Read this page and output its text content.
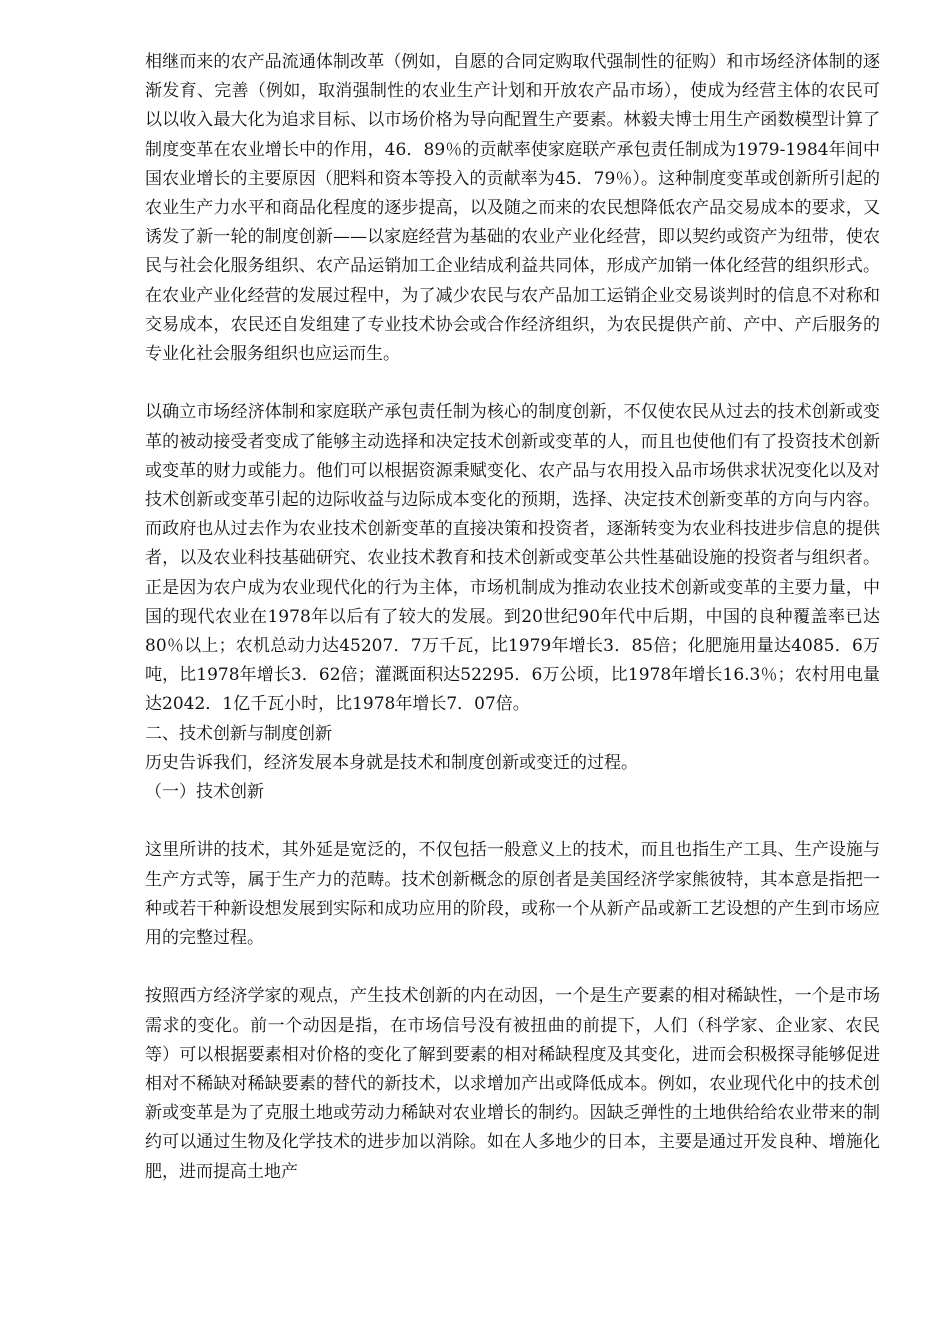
相继而来的农产品流通体制改革（例如，自愿的合同定购取代强制性的征购）和市场经济体制的逐渐发育、完善（例如，取消强制性的农业生产计划和开放农产品市场），使成为经营主体的农民可以以收入最大化为追求目标、以市场价格为导向配置生产要素。林毅夫博士用生产函数模型计算了制度变革在农业增长中的作用，46．89％的贡献率使家庭联产承包责任制成为1979-1984年间中国农业增长的主要原因（肥料和资本等投入的贡献率为45．79％）。这种制度变革或创新所引起的农业生产力水平和商品化程度的逐步提高，以及随之而来的农民想降低农产品交易成本的要求，又诱发了新一轮的制度创新——以家庭经营为基础的农业产业化经营，即以契约或资产为纽带，使农民与社会化服务组织、农产品运销加工企业结成利益共同体，形成产加销一体化经营的组织形式。在农业产业化经营的发展过程中，为了减少农民与农产品加工运销企业交易谈判时的信息不对称和交易成本，农民还自发组建了专业技术协会或合作经济组织，为农民提供产前、产中、产后服务的专业化社会服务组织也应运而生。

以确立市场经济体制和家庭联产承包责任制为核心的制度创新，不仅使农民从过去的技术创新或变革的被动接受者变成了能够主动选择和决定技术创新或变革的人，而且也使他们有了投资技术创新或变革的财力或能力。他们可以根据资源秉赋变化、农产品与农用投入品市场供求状况变化以及对技术创新或变革引起的边际收益与边际成本变化的预期，选择、决定技术创新变革的方向与内容。而政府也从过去作为农业技术创新变革的直接决策和投资者，逐渐转变为农业科技进步信息的提供者，以及农业科技基础研究、农业技术教育和技术创新或变革公共性基础设施的投资者与组织者。正是因为农户成为农业现代化的行为主体，市场机制成为推动农业技术创新或变革的主要力量，中国的现代农业在1978年以后有了较大的发展。到20世纪90年代中后期，中国的良种覆盖率已达80％以上；农机总动力达45207．7万千瓦，比1979年增长3．85倍；化肥施用量达4085．6万吨，比1978年增长3．62倍；灌溉面积达52295．6万公顷，比1978年增长16.3％；农村用电量达2042．1亿千瓦小时，比1978年增长7．07倍。

二、技术创新与制度创新

历史告诉我们，经济发展本身就是技术和制度创新或变迁的过程。

（一）技术创新

这里所讲的技术，其外延是宽泛的，不仅包括一般意义上的技术，而且也指生产工具、生产设施与生产方式等，属于生产力的范畴。技术创新概念的原创者是美国经济学家熊彼特，其本意是指把一种或若干种新设想发展到实际和成功应用的阶段，或称一个从新产品或新工艺设想的产生到市场应用的完整过程。

按照西方经济学家的观点，产生技术创新的内在动因，一个是生产要素的相对稀缺性，一个是市场需求的变化。前一个动因是指，在市场信号没有被扭曲的前提下，人们（科学家、企业家、农民等）可以根据要素相对价格的变化了解到要素的相对稀缺程度及其变化，进而会积极探寻能够促进相对不稀缺对稀缺要素的替代的新技术，以求增加产出或降低成本。例如，农业现代化中的技术创新或变革是为了克服土地或劳动力稀缺对农业增长的制约。因缺乏弹性的土地供给给农业带来的制约可以通过生物及化学技术的进步加以消除。如在人多地少的日本，主要是通过开发良种、增施化肥，进而提高土地产
